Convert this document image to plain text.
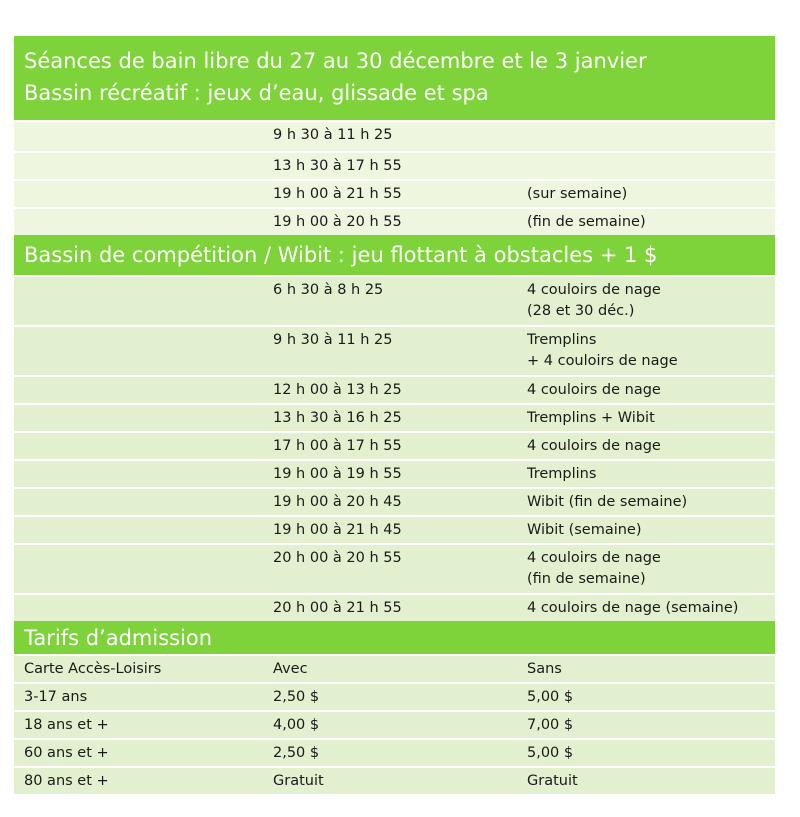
Séances de bain libre du 27 au 30 décembre et le 3 janvier
Bassin récréatif : jeux d’eau, glissade et spa
9 h 30 à 11 h 25
13 h 30 à 17 h 55
19 h 00 à 21 h 55	(sur semaine)
19 h 00 à 20 h 55	(fin de semaine)
Bassin de compétition / Wibit : jeu flottant à obstacles + 1 $
6 h 30 à 8 h 25	4 couloirs de nage
(28 et 30 déc.)
9 h 30 à 11 h 25	Tremplins
+ 4 couloirs de nage
12 h 00 à 13 h 25	4 couloirs de nage
13 h 30 à 16 h 25	Tremplins + Wibit
17 h 00 à 17 h 55	4 couloirs de nage
19 h 00 à 19 h 55	Tremplins
19 h 00 à 20 h 45	Wibit (fin de semaine)
19 h 00 à 21 h 45	Wibit (semaine)
20 h 00 à 20 h 55	4 couloirs de nage
(fin de semaine)
20 h 00 à 21 h 55	4 couloirs de nage (semaine)
Tarifs d’admission
Carte Accès-Loisirs	Avec	Sans
3-17 ans	2,50 $	5,00 $
18 ans et +	4,00 $	7,00 $
60 ans et +	2,50 $	5,00 $
80 ans et +	Gratuit	Gratuit
